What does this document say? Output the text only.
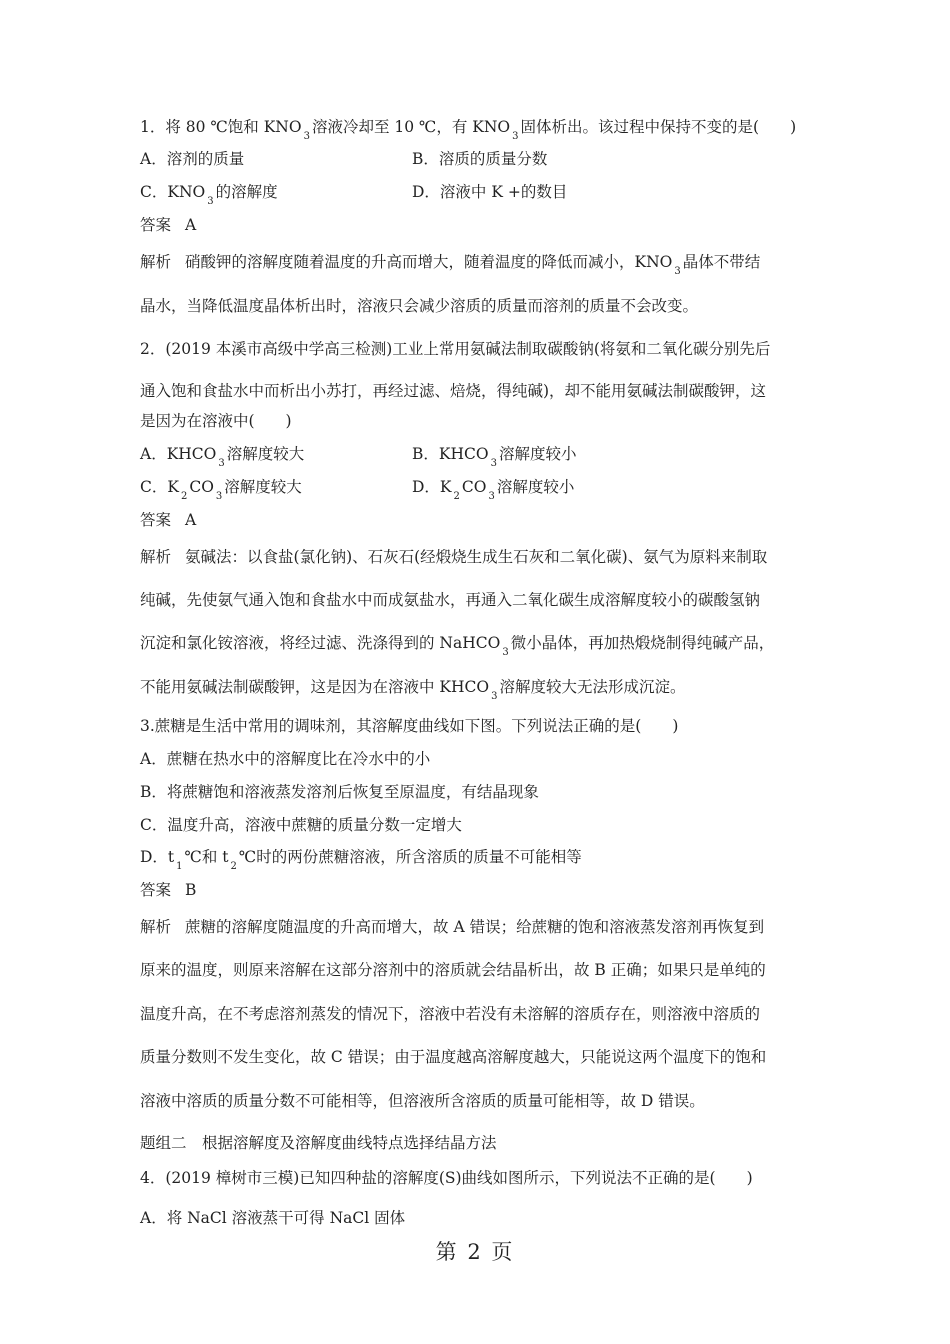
1．将 80 ℃饱和 $KNO_3$溶液冷却至 10 ℃，有 $KNO_3$固体析出。该过程中保持不变的是(　　)
A．溶剂的质量	B．溶质的质量分数
C．$KNO_3$的溶解度	D．溶液中 K +的数目
答案 A
解析 硝酸钾的溶解度随着温度的升高而增大，随着温度的降低而减小，$KNO_3$晶体不带结
晶水，当降低温度晶体析出时，溶液只会减少溶质的质量而溶剂的质量不会改变。
2．(2019 本溪市高级中学高三检测)工业上常用氨碱法制取碳酸钠(将氨和二氧化碳分别先后
通入饱和食盐水中而析出小苏打，再经过滤、焙烧，得纯碱)，却不能用氨碱法制碳酸钾，这
是因为在溶液中(　　)
A．$KHCO_3$溶解度较大	B．$KHCO_3$溶解度较小
C．$K_2CO_3$溶解度较大	D．$K_2CO_3$溶解度较小
答案 A
解析 氨碱法：以食盐(氯化钠)、石灰石(经煅烧生成生石灰和二氧化碳)、氨气为原料来制取
纯碱，先使氨气通入饱和食盐水中而成氨盐水，再通入二氧化碳生成溶解度较小的碳酸氢钠
沉淀和氯化铵溶液，将经过滤、洗涤得到的 NaHCO$_3$微小晶体，再加热煅烧制得纯碱产品，
不能用氨碱法制碳酸钾，这是因为在溶液中 $KHCO_3$溶解度较大无法形成沉淀。
3.蔗糖是生活中常用的调味剂，其溶解度曲线如下图。下列说法正确的是(　　)
A．蔗糖在热水中的溶解度比在冷水中的小
B．将蔗糖饱和溶液蒸发溶剂后恢复至原温度，有结晶现象
C．温度升高，溶液中蔗糖的质量分数一定增大
D．$t_1℃$和 $t_2℃$时的两份蔗糖溶液，所含溶质的质量不可能相等
答案 B
解析 蔗糖的溶解度随温度的升高而增大，故 A 错误；给蔗糖的饱和溶液蒸发溶剂再恢复到
原来的温度，则原来溶解在这部分溶剂中的溶质就会结晶析出，故 B 正确；如果只是单纯的
温度升高，在不考虑溶剂蒸发的情况下，溶液中若没有未溶解的溶质存在，则溶液中溶质的
质量分数则不发生变化，故 C 错误；由于温度越高溶解度越大，只能说这两个温度下的饱和
溶液中溶质的质量分数不可能相等，但溶液所含溶质的质量可能相等，故 D 错误。
题组二　根据溶解度及溶解度曲线特点选择结晶方法
4．(2019 樟树市三模)已知四种盐的溶解度(S)曲线如图所示，下列说法不正确的是(　　)
A．将 NaCl 溶液蒸干可得 NaCl 固体
第 2 页
